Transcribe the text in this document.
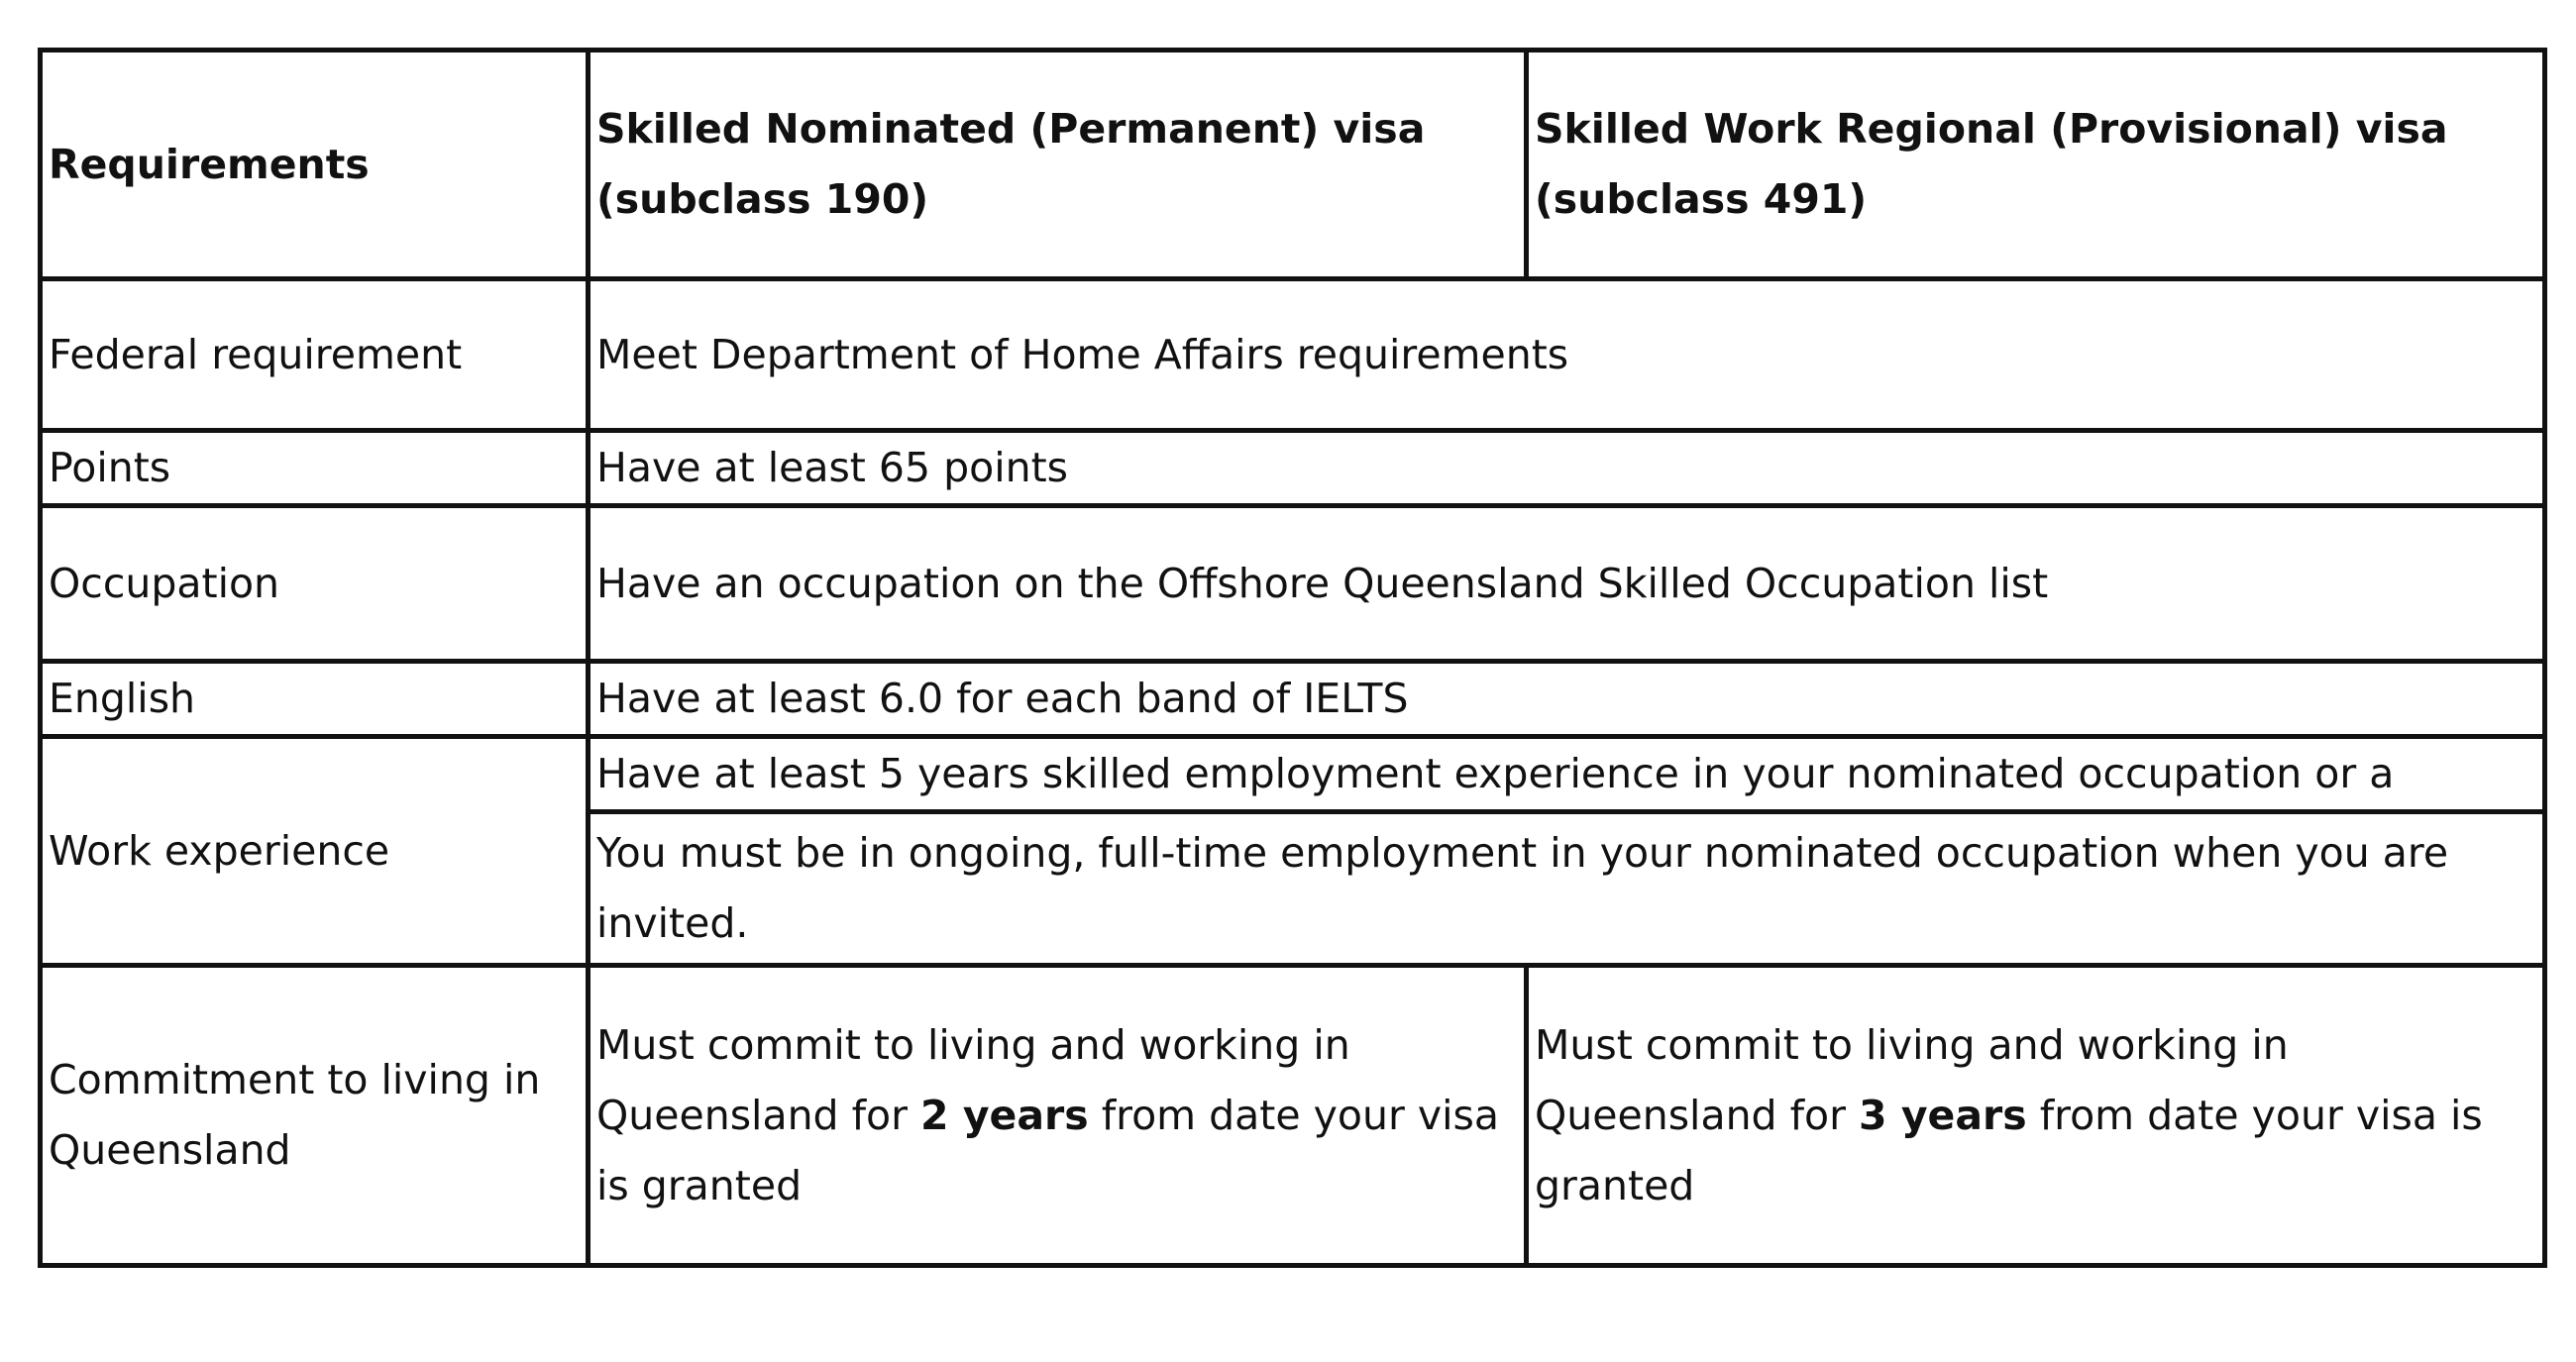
Requirements	Skilled Nominated (Permanent) visa (subclass 190)	Skilled Work Regional (Provisional) visa (subclass 491)
Federal requirement	Meet Department of Home Affairs requirements	
Points	Have at least 65 points	
Occupation	Have an occupation on the Offshore Queensland Skilled Occupation list	
English	Have at least 6.0 for each band of IELTS	
Work experience	Have at least 5 years skilled employment experience in your nominated occupation or a	
	You must be in ongoing, full-time employment in your nominated occupation when you are invited.	
Commitment to living in Queensland	Must commit to living and working in Queensland for 2 years from date your visa is granted	Must commit to living and working in Queensland for 3 years from date your visa is granted
